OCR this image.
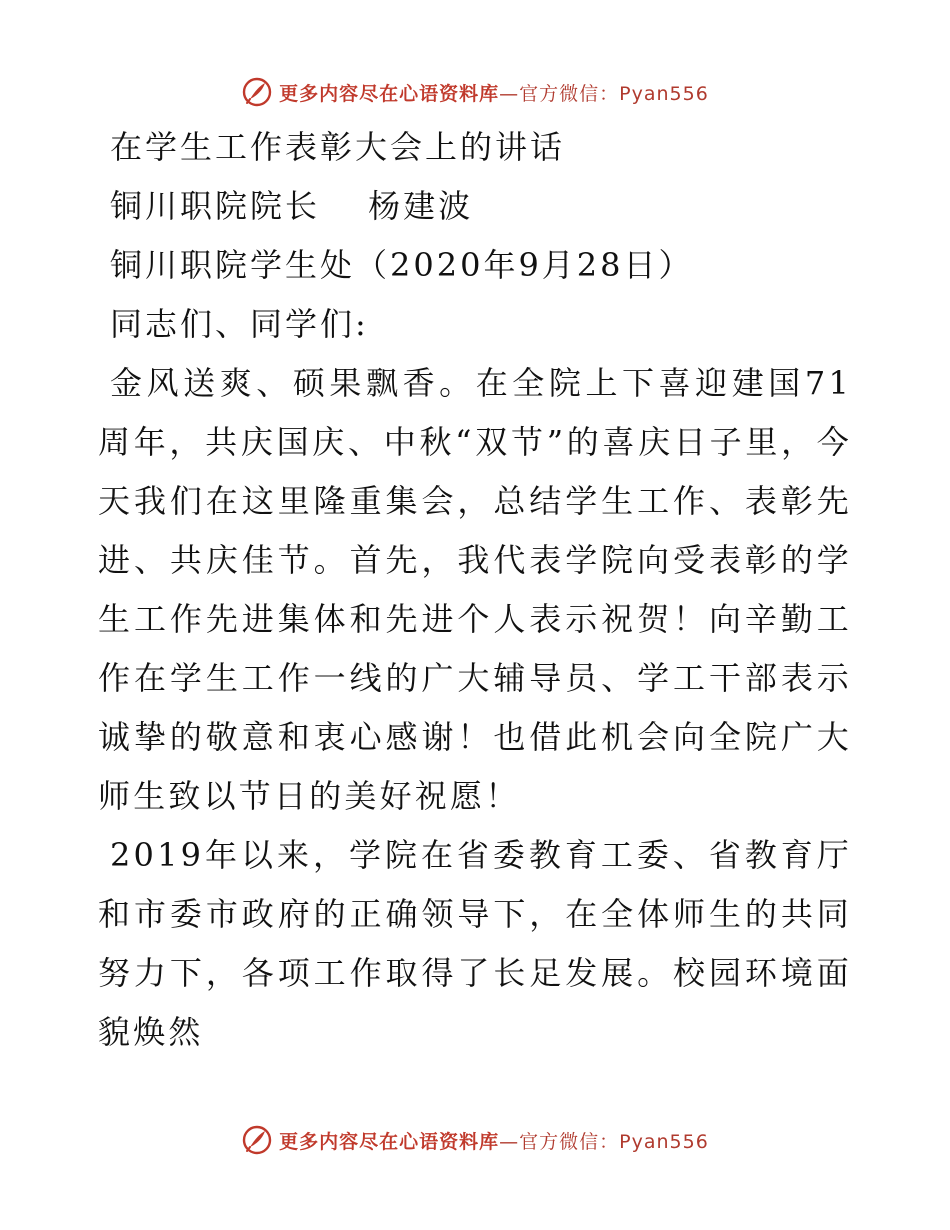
更多内容尽在心语资料库—官方微信：Pyan556

在学生工作表彰大会上的讲话

铜川职院院长　 杨建波

铜川职院学生处（2020年9月28日）

同志们、同学们:

金风送爽、硕果飘香。在全院上下喜迎建国71周年，共庆国庆、中秋“双节”的喜庆日子里，今天我们在这里隆重集会，总结学生工作、表彰先进、共庆佳节。首先，我代表学院向受表彰的学生工作先进集体和先进个人表示祝贺！向辛勤工作在学生工作一线的广大辅导员、学工干部表示诚挚的敬意和衷心感谢！也借此机会向全院广大师生致以节日的美好祝愿！

2019年以来，学院在省委教育工委、省教育厅和市委市政府的正确领导下，在全体师生的共同努力下，各项工作取得了长足发展。校园环境面貌焕然

更多内容尽在心语资料库—官方微信：Pyan556
